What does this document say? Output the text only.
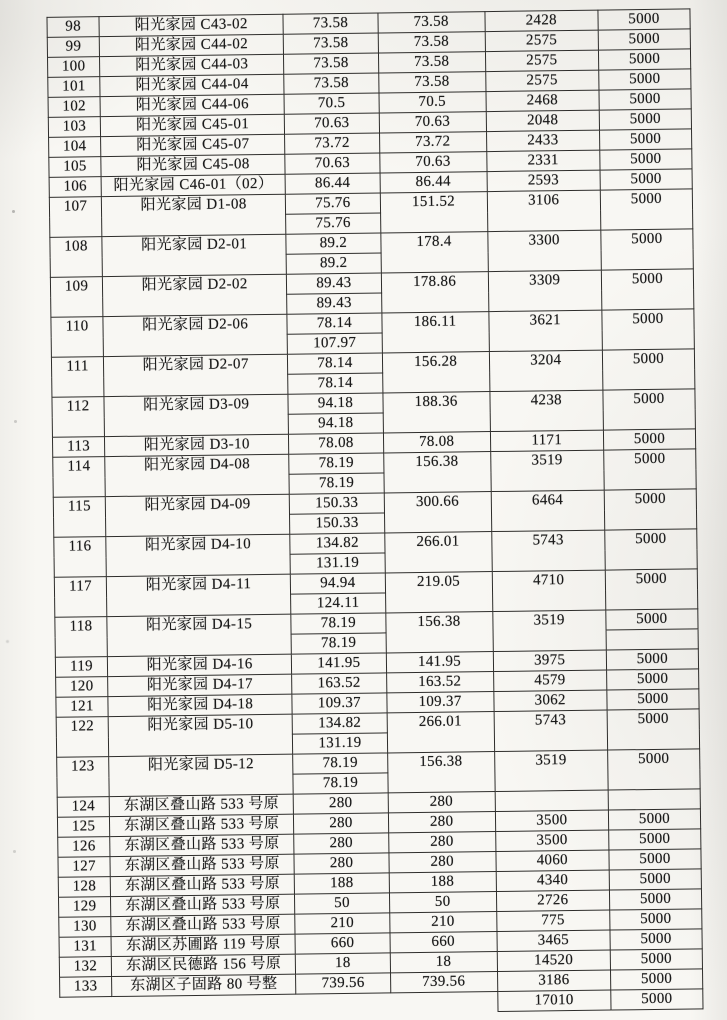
98	阳光家园 C43-02	73.58	73.58	2428	5000
99	阳光家园 C44-02	73.58	73.58	2575	5000
100	阳光家园 C44-03	73.58	73.58	2575	5000
101	阳光家园 C44-04	73.58	73.58	2575	5000
102	阳光家园 C44-06	70.5	70.5	2468	5000
103	阳光家园 C45-01	70.63	70.63	2048	5000
104	阳光家园 C45-07	73.72	73.72	2433	5000
105	阳光家园 C45-08	70.63	70.63	2331	5000
106	阳光家园 C46-01（02）	86.44	86.44	2593	5000
107	阳光家园 D1-08	75.76	151.52	3106	5000
		75.76			
108	阳光家园 D2-01	89.2	178.4	3300	5000
		89.2			
109	阳光家园 D2-02	89.43	178.86	3309	5000
		89.43			
110	阳光家园 D2-06	78.14	186.11	3621	5000
		107.97			
111	阳光家园 D2-07	78.14	156.28	3204	5000
		78.14			
112	阳光家园 D3-09	94.18	188.36	4238	5000
		94.18			
113	阳光家园 D3-10	78.08	78.08	1171	5000
114	阳光家园 D4-08	78.19	156.38	3519	5000
		78.19			
115	阳光家园 D4-09	150.33	300.66	6464	5000
		150.33			
116	阳光家园 D4-10	134.82	266.01	5743	5000
		131.19			
117	阳光家园 D4-11	94.94	219.05	4710	5000
		124.11			
118	阳光家园 D4-15	78.19	156.38	3519	5000

		78.19			
119	阳光家园 D4-16	141.95	141.95	3975	5000
120	阳光家园 D4-17	163.52	163.52	4579	5000
121	阳光家园 D4-18	109.37	109.37	3062	5000
122	阳光家园 D5-10	134.82	266.01	5743	5000
		131.19			
123	阳光家园 D5-12	78.19	156.38	3519	5000
		78.19			
124	东湖区叠山路 533 号原	280	280		
125	东湖区叠山路 533 号原	280	280	3500	5000
126	东湖区叠山路 533 号原	280	280	3500	5000
127	东湖区叠山路 533 号原	280	280	4060	5000
128	东湖区叠山路 533 号原	188	188	4340	5000
129	东湖区叠山路 533 号原	50	50	2726	5000
130	东湖区叠山路 533 号原	210	210	775	5000
131	东湖区苏圃路 119 号原	660	660	3465	5000
132	东湖区民德路 156 号原	18	18	14520	5000
133	东湖区子固路 80 号整	739.56	739.56	3186	5000
				17010	5000
